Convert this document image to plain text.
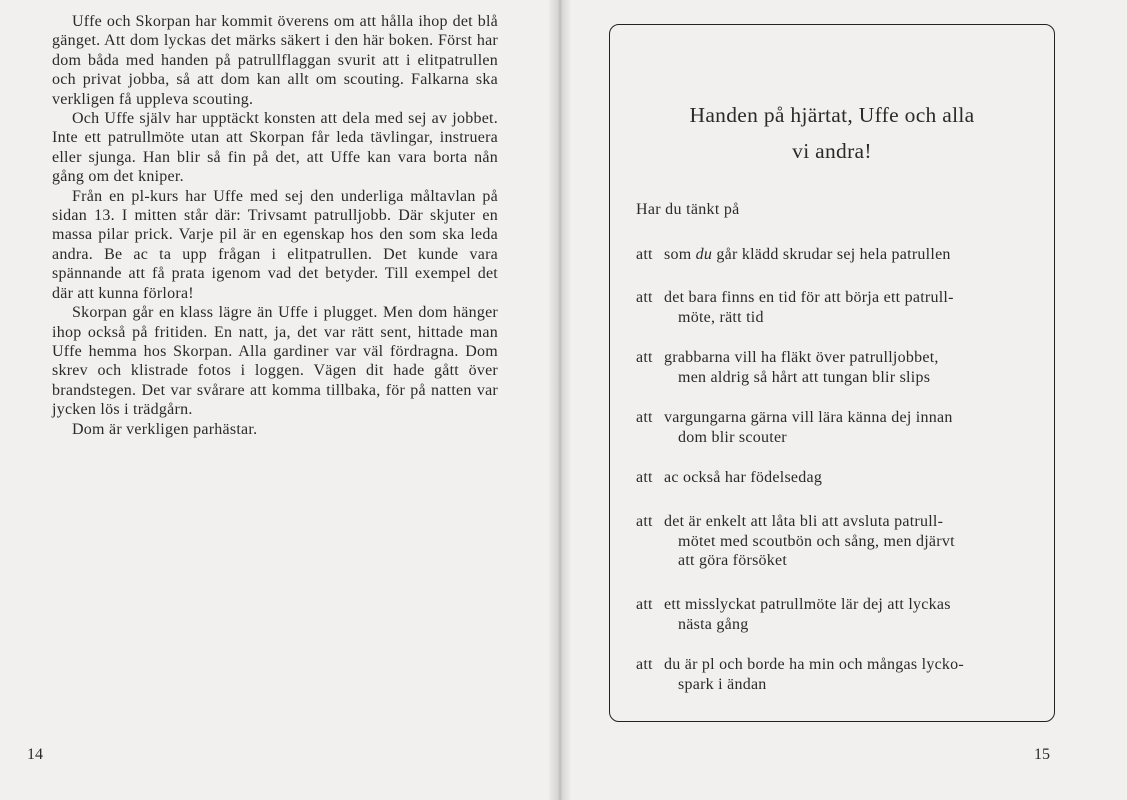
Uffe och Skorpan har kommit överens om att hålla ihop det blå gänget. Att dom lyckas det märks säkert i den här boken. Först har dom båda med handen på patrullflaggan svurit att i elitpatrullen och privat jobba, så att dom kan allt om scouting. Falkarna ska verkligen få uppleva scouting.

Och Uffe själv har upptäckt konsten att dela med sej av jobbet. Inte ett patrullmöte utan att Skorpan får leda tävlingar, instruera eller sjunga. Han blir så fin på det, att Uffe kan vara borta nån gång om det kniper.

Från en pl-kurs har Uffe med sej den underliga måltavlan på sidan 13. I mitten står där: Trivsamt patrulljobb. Där skjuter en massa pilar prick. Varje pil är en egenskap hos den som ska leda andra. Be ac ta upp frågan i elitpatrullen. Det kunde vara spännande att få prata igenom vad det betyder. Till exempel det där att kunna förlora!

Skorpan går en klass lägre än Uffe i plugget. Men dom hänger ihop också på fritiden. En natt, ja, det var rätt sent, hittade man Uffe hemma hos Skorpan. Alla gardiner var väl fördragna. Dom skrev och klistrade fotos i loggen. Vägen dit hade gått över brandstegen. Det var svårare att komma tillbaka, för på natten var jycken lös i trädgårn.

Dom är verkligen parhästar.

14
Handen på hjärtat, Uffe och alla
vi andra!
Har du tänkt på
att som du går klädd skrudar sej hela patrullen
att det bara finns en tid för att börja ett patrull-
möte, rätt tid
att grabbarna vill ha fläkt över patrulljobbet,
men aldrig så hårt att tungan blir slips
att vargungarna gärna vill lära känna dej innan
dom blir scouter
att ac också har födelsedag
att det är enkelt att låta bli att avsluta patrull-
mötet med scoutbön och sång, men djärvt
att göra försöket
att ett misslyckat patrullmöte lär dej att lyckas
nästa gång
att du är pl och borde ha min och mångas lycko-
spark i ändan
15
